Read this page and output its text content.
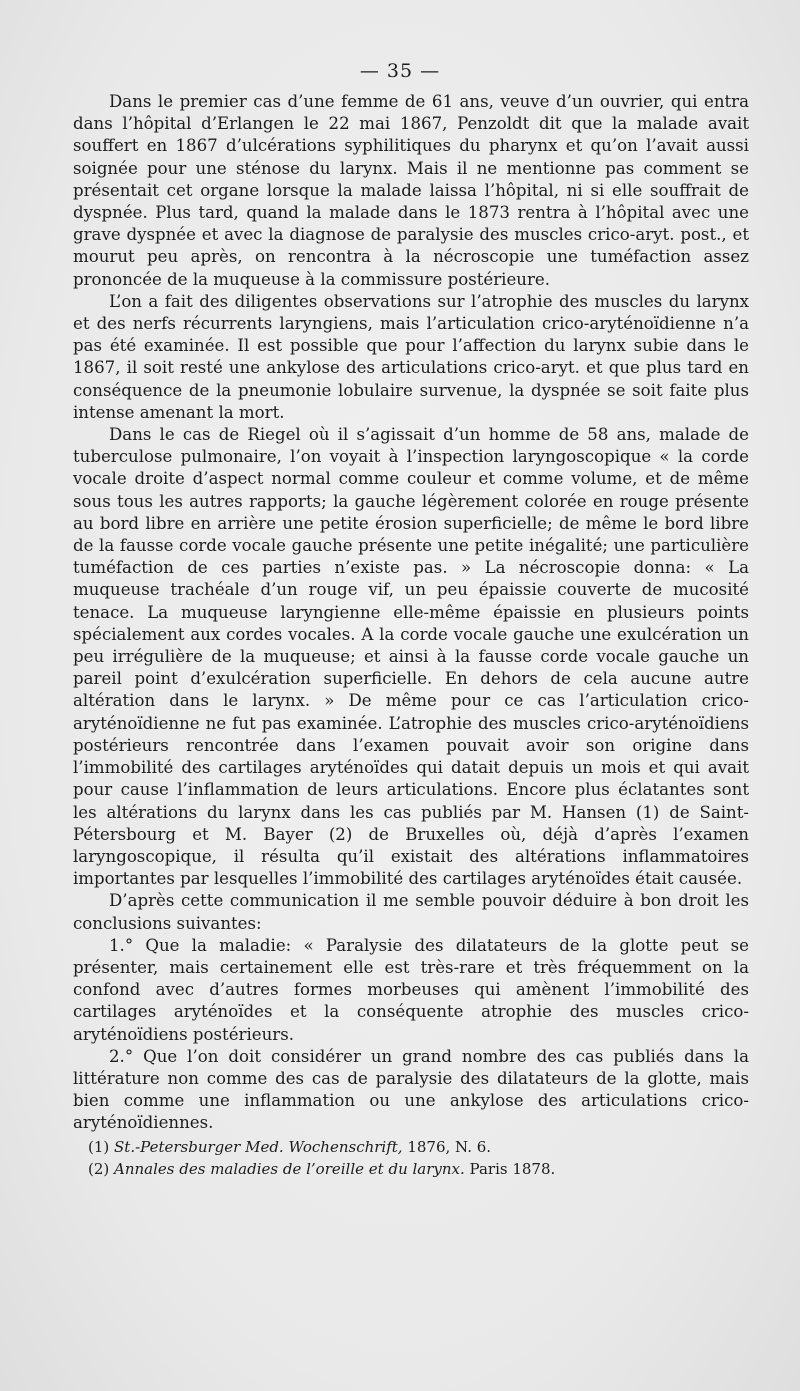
— 35 —

Dans le premier cas d’une femme de 61 ans, veuve d’un ouvrier, qui entra dans l’hôpital d’Erlangen le 22 mai 1867, Penzoldt dit que la malade avait souffert en 1867 d’ulcérations syphilitiques du pharynx et qu’on l’avait aussi soignée pour une sténose du larynx. Mais il ne mentionne pas comment se présentait cet organe lorsque la malade laissa l’hôpital, ni si elle souffrait de dyspnée. Plus tard, quand la malade dans le 1873 rentra à l’hôpital avec une grave dyspnée et avec la diagnose de paralysie des muscles crico-aryt. post., et mourut peu après, on rencontra à la nécroscopie une tuméfaction assez prononcée de la muqueuse à la commissure postérieure.

L’on a fait des diligentes observations sur l’atrophie des muscles du larynx et des nerfs récurrents laryngiens, mais l’articulation crico-aryténoïdienne n’a pas été examinée. Il est possible que pour l’affection du larynx subie dans le 1867, il soit resté une ankylose des articulations crico-aryt. et que plus tard en conséquence de la pneumonie lobulaire survenue, la dyspnée se soit faite plus intense amenant la mort.

Dans le cas de Riegel où il s’agissait d’un homme de 58 ans, malade de tuberculose pulmonaire, l’on voyait à l’inspection laryngoscopique « la corde vocale droite d’aspect normal comme couleur et comme volume, et de même sous tous les autres rapports; la gauche légèrement colorée en rouge présente au bord libre en arrière une petite érosion superficielle; de même le bord libre de la fausse corde vocale gauche présente une petite inégalité; une particulière tuméfaction de ces parties n’existe pas. » La nécroscopie donna: « La muqueuse trachéale d’un rouge vif, un peu épaissie couverte de mucosité tenace. La muqueuse laryngienne elle-même épaissie en plusieurs points spécialement aux cordes vocales. A la corde vocale gauche une exulcération un peu irrégulière de la muqueuse; et ainsi à la fausse corde vocale gauche un pareil point d’exulcération superficielle. En dehors de cela aucune autre altération dans le larynx. » De même pour ce cas l’articulation crico-aryténoïdienne ne fut pas examinée. L’atrophie des muscles crico-aryténoïdiens postérieurs rencontrée dans l’examen pouvait avoir son origine dans l’immobilité des cartilages aryténoïdes qui datait depuis un mois et qui avait pour cause l’inflammation de leurs articulations. Encore plus éclatantes sont les altérations du larynx dans les cas publiés par M. Hansen (1) de Saint-Pétersbourg et M. Bayer (2) de Bruxelles où, déjà d’après l’examen laryngoscopique, il résulta qu’il existait des altérations inflammatoires importantes par lesquelles l’immobilité des cartilages aryténoïdes était causée.

D’après cette communication il me semble pouvoir déduire à bon droit les conclusions suivantes:

1.° Que la maladie: « Paralysie des dilatateurs de la glotte peut se présenter, mais certainement elle est très-rare et très fréquemment on la confond avec d’autres formes morbeuses qui amènent l’immobilité des cartilages aryténoïdes et la conséquente atrophie des muscles crico-aryténoïdiens postérieurs.

2.° Que l’on doit considérer un grand nombre des cas publiés dans la littérature non comme des cas de paralysie des dilatateurs de la glotte, mais bien comme une inflammation ou une ankylose des articulations crico-aryténoïdiennes.

(1) St.-Petersburger Med. Wochenschrift, 1876, N. 6.
(2) Annales des maladies de l’oreille et du larynx. Paris 1878.
